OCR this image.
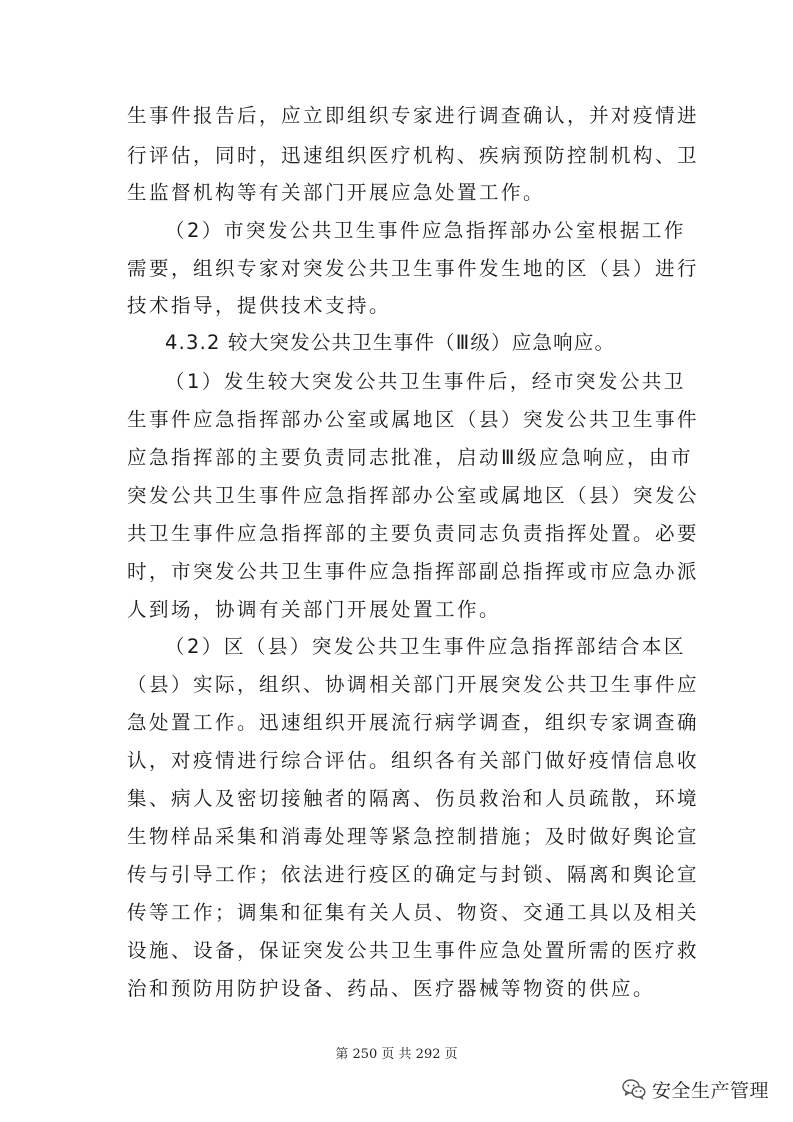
生事件报告后，应立即组织专家进行调查确认，并对疫情进
行评估，同时，迅速组织医疗机构、疾病预防控制机构、卫
生监督机构等有关部门开展应急处置工作。
（2）市突发公共卫生事件应急指挥部办公室根据工作
需要，组织专家对突发公共卫生事件发生地的区（县）进行
技术指导，提供技术支持。
4.3.2 较大突发公共卫生事件（Ⅲ级）应急响应。
（1）发生较大突发公共卫生事件后，经市突发公共卫
生事件应急指挥部办公室或属地区（县）突发公共卫生事件
应急指挥部的主要负责同志批准，启动Ⅲ级应急响应，由市
突发公共卫生事件应急指挥部办公室或属地区（县）突发公
共卫生事件应急指挥部的主要负责同志负责指挥处置。必要
时，市突发公共卫生事件应急指挥部副总指挥或市应急办派
人到场，协调有关部门开展处置工作。
（2）区（县）突发公共卫生事件应急指挥部结合本区
（县）实际，组织、协调相关部门开展突发公共卫生事件应
急处置工作。迅速组织开展流行病学调查，组织专家调查确
认，对疫情进行综合评估。组织各有关部门做好疫情信息收
集、病人及密切接触者的隔离、伤员救治和人员疏散，环境
生物样品采集和消毒处理等紧急控制措施；及时做好舆论宣
传与引导工作；依法进行疫区的确定与封锁、隔离和舆论宣
传等工作；调集和征集有关人员、物资、交通工具以及相关
设施、设备，保证突发公共卫生事件应急处置所需的医疗救
治和预防用防护设备、药品、医疗器械等物资的供应。
第 250 页 共 292 页
安全生产管理
